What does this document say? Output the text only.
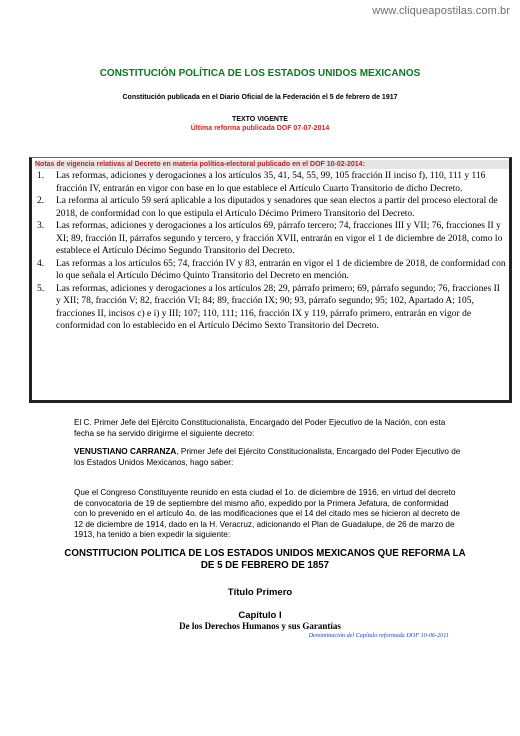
www.cliqueapostilas.com.br
CONSTITUCIÓN POLÍTICA DE LOS ESTADOS UNIDOS MEXICANOS
Constitución publicada en el Diario Oficial de la Federación el 5 de febrero de 1917
TEXTO VIGENTE
Última reforma publicada DOF 07-07-2014
Notas de vigencia relativas al Decreto en materia política-electoral publicado en el DOF 10-02-2014:
1.	Las reformas, adiciones y derogaciones a los artículos 35, 41, 54, 55, 99, 105 fracción II inciso f), 110, 111 y 116 fracción IV, entrarán en vigor con base en lo que establece el Artículo Cuarto Transitorio de dicho Decreto.
2.	La reforma al artículo 59 será aplicable a los diputados y senadores que sean electos a partir del proceso electoral de 2018, de conformidad con lo que estipula el Artículo Décimo Primero Transitorio del Decreto.
3.	Las reformas, adiciones y derogaciones a los artículos 69, párrafo tercero; 74, fracciones III y VII; 76, fracciones II y XI; 89, fracción II, párrafos segundo y tercero, y fracción XVII, entrarán en vigor el 1 de diciembre de 2018, como lo establece el Artículo Décimo Segundo Transitorio del Decreto.
4.	Las reformas a los artículos 65; 74, fracción IV y 83, entrarán en vigor el 1 de diciembre de 2018, de conformidad con lo que señala el Artículo Décimo Quinto Transitorio del Decreto en mención.
5.	Las reformas, adiciones y derogaciones a los artículos 28; 29, párrafo primero; 69, párrafo segundo; 76, fracciones II y XII; 78, fracción V; 82, fracción VI; 84; 89, fracción IX; 90; 93, párrafo segundo; 95; 102, Apartado A; 105, fracciones II, incisos c) e i) y III; 107; 110, 111; 116, fracción IX y 119, párrafo primero, entrarán en vigor de conformidad con lo establecido en el Artículo Décimo Sexto Transitorio del Decreto.
El C. Primer Jefe del Ejército Constitucionalista, Encargado del Poder Ejecutivo de la Nación, con esta fecha se ha servido dirigirme el siguiente decreto:
VENUSTIANO CARRANZA, Primer Jefe del Ejército Constitucionalista, Encargado del Poder Ejecutivo de los Estados Unidos Mexicanos, hago saber:
Que el Congreso Constituyente reunido en esta ciudad el 1o. de diciembre de 1916, en virtud del decreto de convocatoria de 19 de septiembre del mismo año, expedido por la Primera Jefatura, de conformidad con lo prevenido en el artículo 4o. de las modificaciones que el 14 del citado mes se hicieron al decreto de 12 de diciembre de 1914, dado en la H. Veracruz, adicionando el Plan de Guadalupe, de 26 de marzo de 1913, ha tenido a bien expedir la siguiente:
CONSTITUCION POLITICA DE LOS ESTADOS UNIDOS MEXICANOS QUE REFORMA LA DE 5 DE FEBRERO DE 1857
Título Primero
Capítulo I
De los Derechos Humanos y sus Garantías
Denominación del Capítulo reformada DOF 10-06-2011
